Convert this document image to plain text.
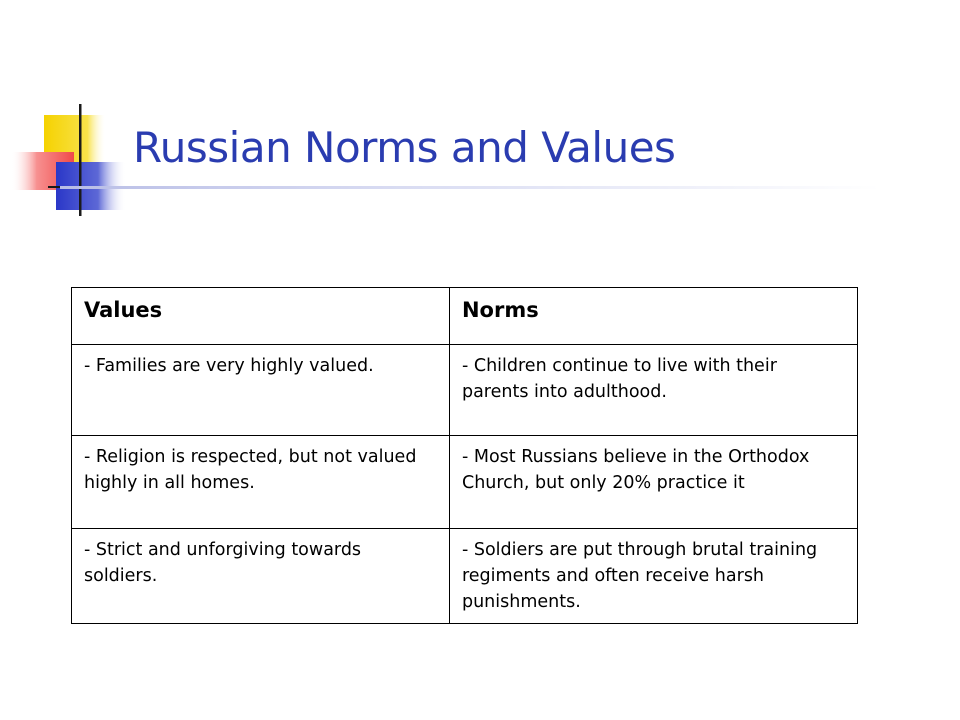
Russian Norms and Values
Values	Norms
- Families are very highly valued.	- Children continue to live with their parents into adulthood.
- Religion is respected, but not valued highly in all homes.	- Most Russians believe in the Orthodox Church, but only 20% practice it
- Strict and unforgiving towards soldiers.	- Soldiers are put through brutal training regiments and often receive harsh punishments.
